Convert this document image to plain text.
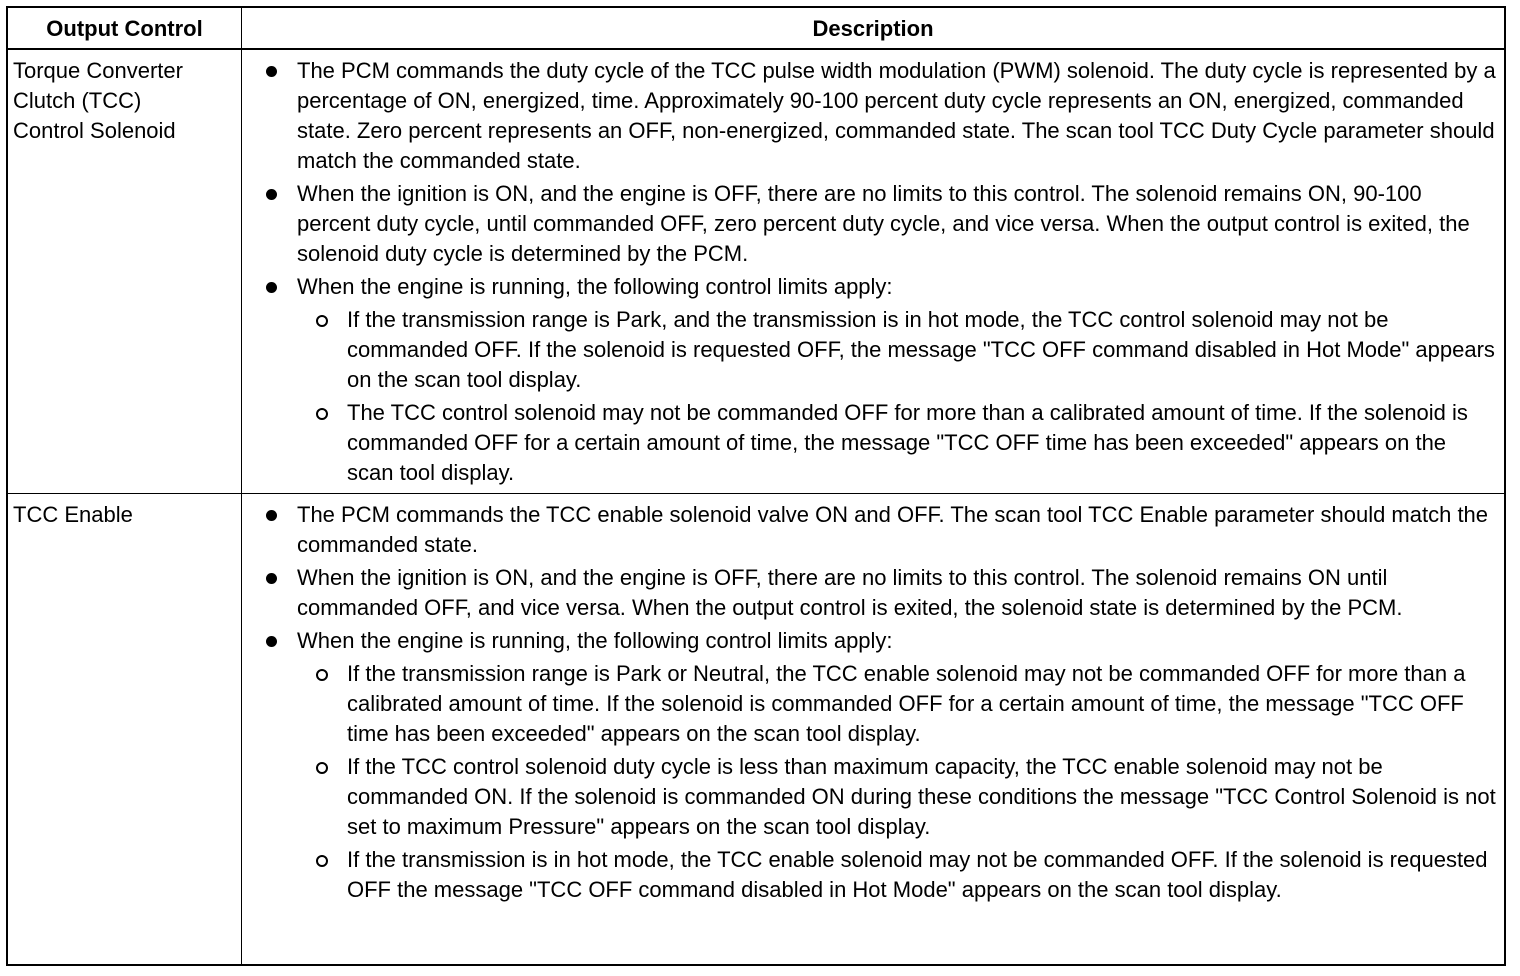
Output Control	Description
Torque Converter
Clutch (TCC)
Control Solenoid
The PCM commands the duty cycle of the TCC pulse width modulation (PWM) solenoid. The duty cycle is represented by a percentage of ON, energized, time. Approximately 90-100 percent duty cycle represents an ON, energized, commanded state. Zero percent represents an OFF, non-energized, commanded state. The scan tool TCC Duty Cycle parameter should match the commanded state.
When the ignition is ON, and the engine is OFF, there are no limits to this control. The solenoid remains ON, 90-100 percent duty cycle, until commanded OFF, zero percent duty cycle, and vice versa. When the output control is exited, the solenoid duty cycle is determined by the PCM.
When the engine is running, the following control limits apply:
If the transmission range is Park, and the transmission is in hot mode, the TCC control solenoid may not be commanded OFF. If the solenoid is requested OFF, the message "TCC OFF command disabled in Hot Mode" appears on the scan tool display.
The TCC control solenoid may not be commanded OFF for more than a calibrated amount of time. If the solenoid is commanded OFF for a certain amount of time, the message "TCC OFF time has been exceeded" appears on the scan tool display.
TCC Enable	The PCM commands the TCC enable solenoid valve ON and OFF. The scan tool TCC Enable parameter should match the commanded state.
When the ignition is ON, and the engine is OFF, there are no limits to this control. The solenoid remains ON until commanded OFF, and vice versa. When the output control is exited, the solenoid state is determined by the PCM.
When the engine is running, the following control limits apply:
If the transmission range is Park or Neutral, the TCC enable solenoid may not be commanded OFF for more than a calibrated amount of time. If the solenoid is commanded OFF for a certain amount of time, the message "TCC OFF time has been exceeded" appears on the scan tool display.
If the TCC control solenoid duty cycle is less than maximum capacity, the TCC enable solenoid may not be commanded ON. If the solenoid is commanded ON during these conditions the message "TCC Control Solenoid is not set to maximum Pressure" appears on the scan tool display.
If the transmission is in hot mode, the TCC enable solenoid may not be commanded OFF. If the solenoid is requested OFF the message "TCC OFF command disabled in Hot Mode" appears on the scan tool display.
